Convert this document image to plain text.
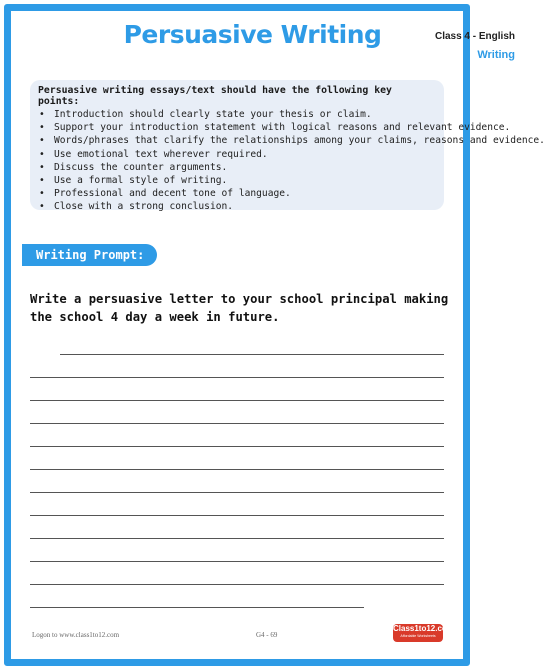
Persuasive Writing	Class 4 - English
Writing
Persuasive writing essays/text should have the following key points:
• Introduction should clearly state your thesis or claim.
• Support your introduction statement with logical reasons and relevant evidence.
• Words/phrases that clarify the relationships among your claims, reasons and evidence.
• Use emotional text wherever required.
• Discuss the counter arguments.
• Use a formal style of writing.
• Professional and decent tone of language.
• Close with a strong conclusion.
Writing Prompt:
Write a persuasive letter to your school principal making the school 4 day a week in future.
Logon to www.class1to12.com	G4 - 69
Class1to12.com
Affordable Worksheets
